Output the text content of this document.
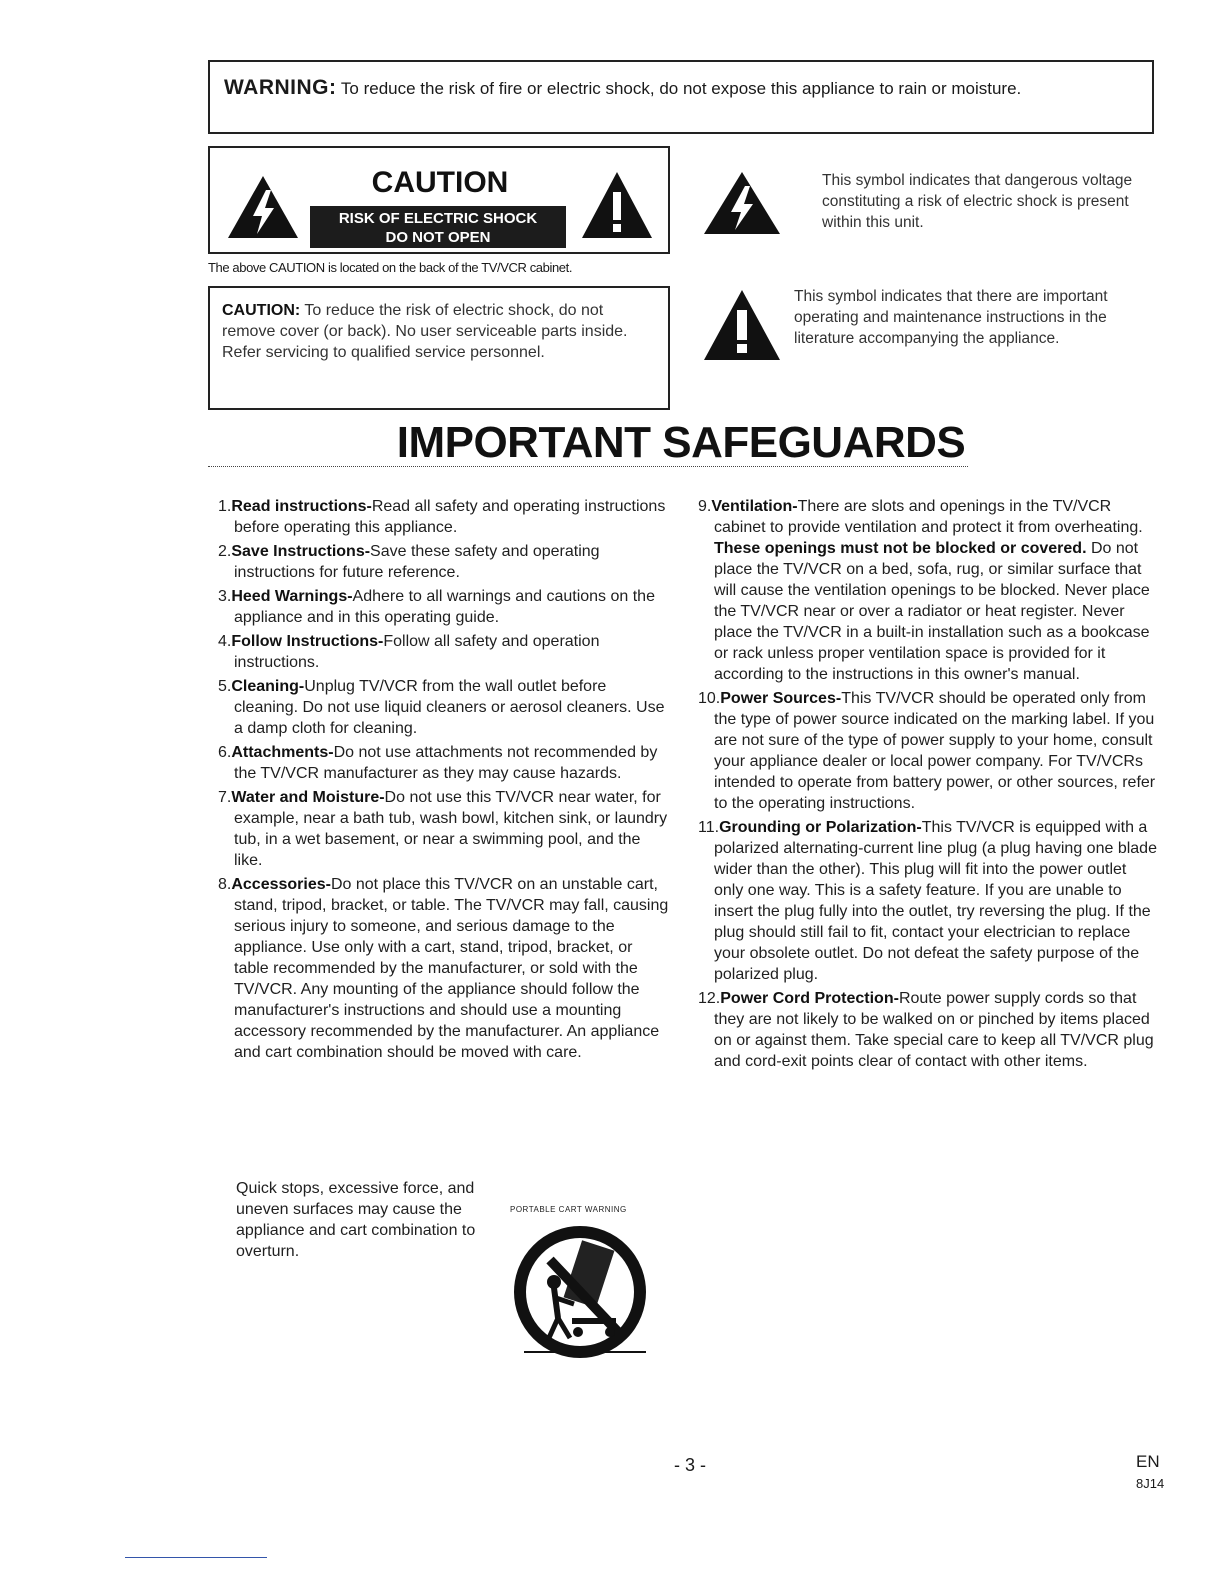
WARNING: To reduce the risk of fire or electric shock, do not expose this appliance to rain or moisture.
CAUTION
RISK OF ELECTRIC SHOCK
DO NOT OPEN
The above CAUTION is located on the back of the TV/VCR cabinet.
CAUTION: To reduce the risk of electric shock, do not remove cover (or back). No user serviceable parts inside. Refer servicing to qualified service personnel.
This symbol indicates that dangerous voltage constituting a risk of electric shock is present within this unit.
This symbol indicates that there are important operating and maintenance instructions in the literature accompanying the appliance.
IMPORTANT SAFEGUARDS

1.Read instructions-Read all safety and operating instructions before operating this appliance.

2.Save Instructions-Save these safety and operating instructions for future reference.

3.Heed Warnings-Adhere to all warnings and cautions on the appliance and in this operating guide.

4.Follow Instructions-Follow all safety and operation instructions.

5.Cleaning-Unplug TV/VCR from the wall outlet before cleaning. Do not use liquid cleaners or aerosol cleaners. Use a damp cloth for cleaning.

6.Attachments-Do not use attachments not recommended by the TV/VCR manufacturer as they may cause hazards.

7.Water and Moisture-Do not use this TV/VCR near water, for example, near a bath tub, wash bowl, kitchen sink, or laundry tub, in a wet basement, or near a swimming pool, and the like.

8.Accessories-Do not place this TV/VCR on an unstable cart, stand, tripod, bracket, or table. The TV/VCR may fall, causing serious injury to someone, and serious damage to the appliance. Use only with a cart, stand, tripod, bracket, or table recommended by the manufacturer, or sold with the TV/VCR. Any mounting of the appliance should follow the manufacturer's instructions and should use a mounting accessory recommended by the manufacturer. An appliance and cart combination should be moved with care.

Quick stops, excessive force, and uneven surfaces may cause the appliance and cart combination to overturn.
PORTABLE CART WARNING

9.Ventilation-There are slots and openings in the TV/VCR cabinet to provide ventilation and protect it from overheating. These openings must not be blocked or covered. Do not place the TV/VCR on a bed, sofa, rug, or similar surface that will cause the ventilation openings to be blocked. Never place the TV/VCR near or over a radiator or heat register. Never place the TV/VCR in a built-in installation such as a bookcase or rack unless proper ventilation space is provided for it according to the instructions in this owner's manual.

10.Power Sources-This TV/VCR should be operated only from the type of power source indicated on the marking label. If you are not sure of the type of power supply to your home, consult your appliance dealer or local power company. For TV/VCRs intended to operate from battery power, or other sources, refer to the operating instructions.

11.Grounding or Polarization-This TV/VCR is equipped with a polarized alternating-current line plug (a plug having one blade wider than the other). This plug will fit into the power outlet only one way. This is a safety feature. If you are unable to insert the plug fully into the outlet, try reversing the plug. If the plug should still fail to fit, contact your electrician to replace your obsolete outlet. Do not defeat the safety purpose of the polarized plug.

12.Power Cord Protection-Route power supply cords so that they are not likely to be walked on or pinched by items placed on or against them. Take special care to keep all TV/VCR plug and cord-exit points clear of contact with other items.

- 3 -	EN
8J14
